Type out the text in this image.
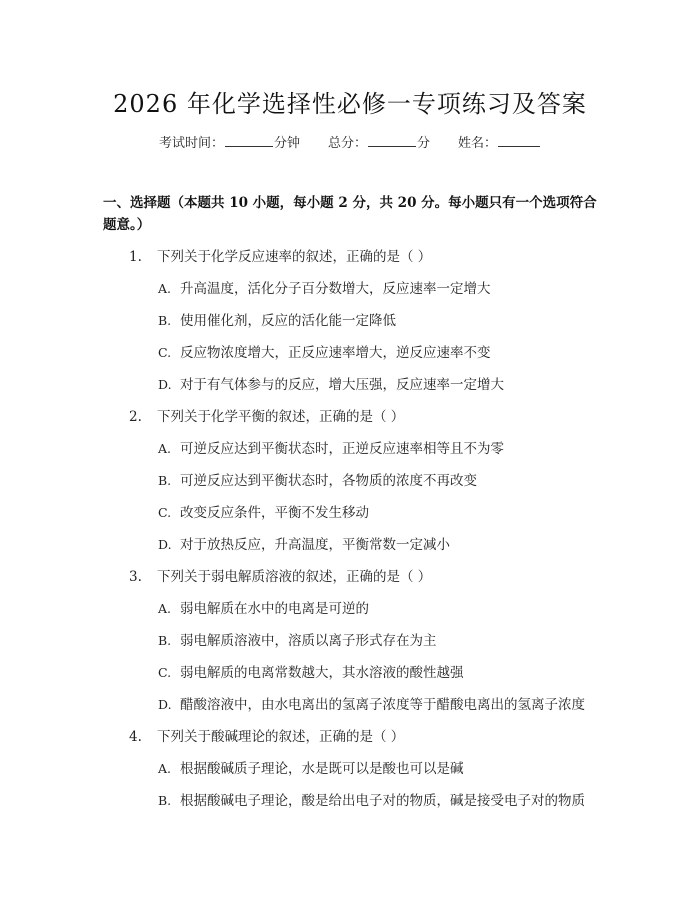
2026 年化学选择性必修一专项练习及答案
考试时间：	分钟 总分：	分 姓名：
一、选择题（本题共 10 小题，每小题 2 分，共 20 分。每小题只有一个选项符合题意。）
1. 下列关于化学反应速率的叙述，正确的是（ ）
A. 升高温度，活化分子百分数增大，反应速率一定增大
B. 使用催化剂，反应的活化能一定降低
C. 反应物浓度增大，正反应速率增大，逆反应速率不变
D. 对于有气体参与的反应，增大压强，反应速率一定增大
2. 下列关于化学平衡的叙述，正确的是（ ）
A. 可逆反应达到平衡状态时，正逆反应速率相等且不为零
B. 可逆反应达到平衡状态时，各物质的浓度不再改变
C. 改变反应条件，平衡不发生移动
D. 对于放热反应，升高温度，平衡常数一定减小
3. 下列关于弱电解质溶液的叙述，正确的是（ ）
A. 弱电解质在水中的电离是可逆的
B. 弱电解质溶液中，溶质以离子形式存在为主
C. 弱电解质的电离常数越大，其水溶液的酸性越强
D. 醋酸溶液中，由水电离出的氢离子浓度等于醋酸电离出的氢离子浓度
4. 下列关于酸碱理论的叙述，正确的是（ ）
A. 根据酸碱质子理论，水是既可以是酸也可以是碱
B. 根据酸碱电子理论，酸是给出电子对的物质，碱是接受电子对的物质
